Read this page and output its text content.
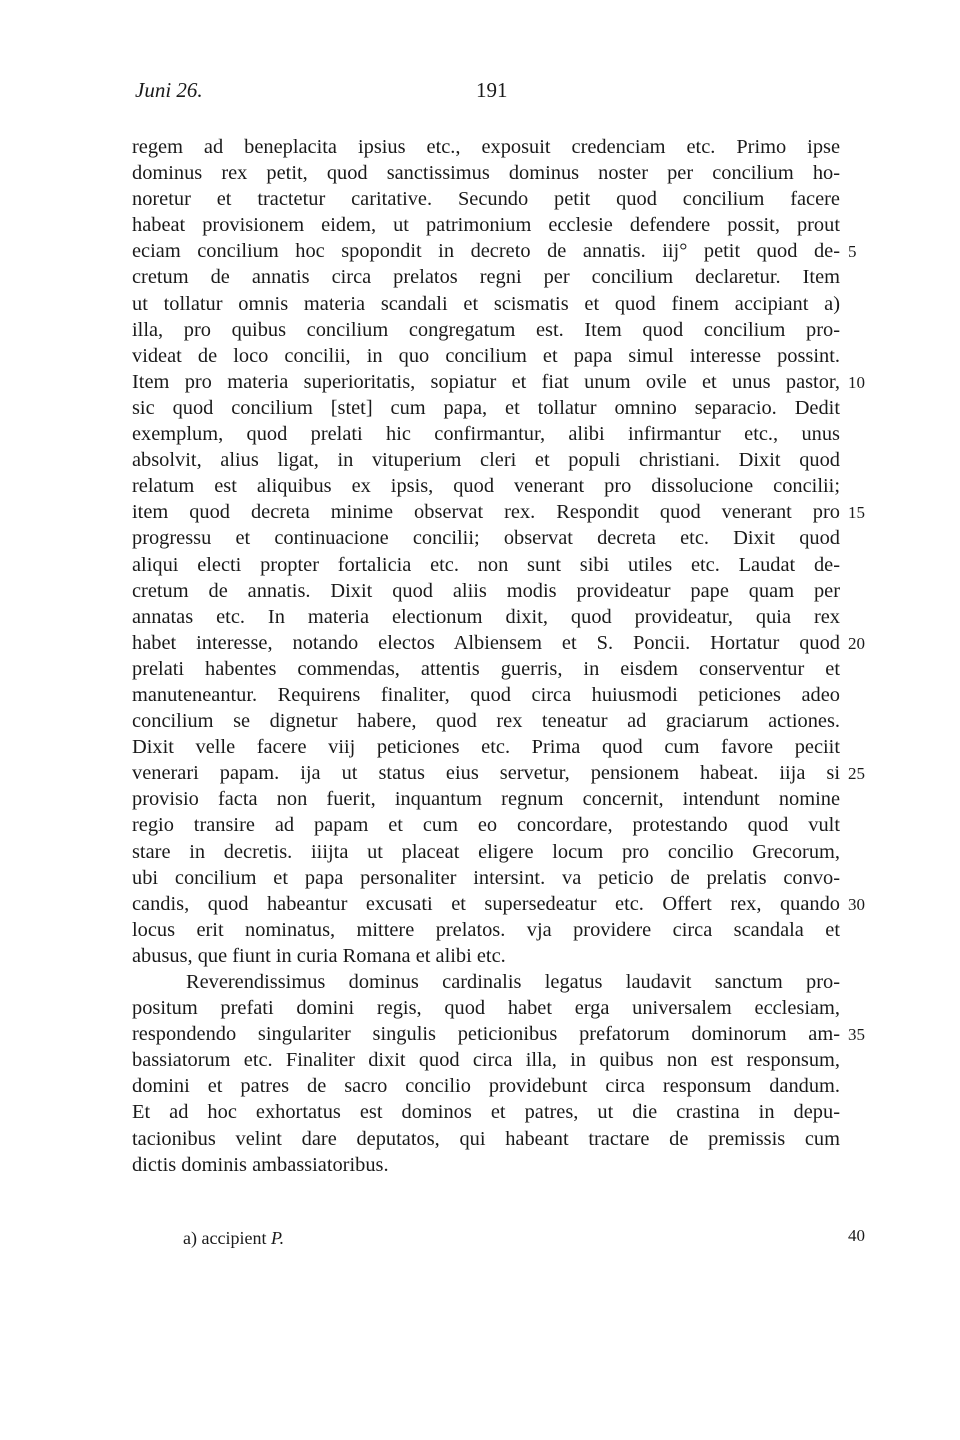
Juni 26.	191
regem ad beneplacita ipsius etc., exposuit credenciam etc. Primo ipse
dominus rex petit, quod sanctissimus dominus noster per concilium ho-
noretur et tractetur caritative. Secundo petit quod concilium facere
habeat provisionem eidem, ut patrimonium ecclesie defendere possit, prout
eciam concilium hoc spopondit in decreto de annatis. iij° petit quod de-
cretum de annatis circa prelatos regni per concilium declaretur. Item
ut tollatur omnis materia scandali et scismatis et quod finem accipiant a)
illa, pro quibus concilium congregatum est. Item quod concilium pro-
videat de loco concilii, in quo concilium et papa simul interesse possint.
Item pro materia superioritatis, sopiatur et fiat unum ovile et unus pastor,
sic quod concilium [stet] cum papa, et tollatur omnino separacio. Dedit
exemplum, quod prelati hic confirmantur, alibi infirmantur etc., unus
absolvit, alius ligat, in vituperium cleri et populi christiani. Dixit quod
relatum est aliquibus ex ipsis, quod venerant pro dissolucione concilii;
item quod decreta minime observat rex. Respondit quod venerant pro
progressu et continuacione concilii; observat decreta etc. Dixit quod
aliqui electi propter fortalicia etc. non sunt sibi utiles etc. Laudat de-
cretum de annatis. Dixit quod aliis modis provideatur pape quam per
annatas etc. In materia electionum dixit, quod provideatur, quia rex
habet interesse, notando electos Albiensem et S. Poncii. Hortatur quod
prelati habentes commendas, attentis guerris, in eisdem conserventur et
manuteneantur. Requirens finaliter, quod circa huiusmodi peticiones adeo
concilium se dignetur habere, quod rex teneatur ad graciarum actiones.
Dixit velle facere viij peticiones etc. Prima quod cum favore peciit
venerari papam. ija ut status eius servetur, pensionem habeat. iija si
provisio facta non fuerit, inquantum regnum concernit, intendunt nomine
regio transire ad papam et cum eo concordare, protestando quod vult
stare in decretis. iiijta ut placeat eligere locum pro concilio Grecorum,
ubi concilium et papa personaliter intersint. va peticio de prelatis convo-
candis, quod habeantur excusati et supersedeatur etc. Offert rex, quando
locus erit nominatus, mittere prelatos. vja providere circa scandala et
abusus, que fiunt in curia Romana et alibi etc.
Reverendissimus dominus cardinalis legatus laudavit sanctum pro-
positum prefati domini regis, quod habet erga universalem ecclesiam,
respondendo singulariter singulis peticionibus prefatorum dominorum am-
bassiatorum etc. Finaliter dixit quod circa illa, in quibus non est responsum,
domini et patres de sacro concilio providebunt circa responsum dandum.
Et ad hoc exhortatus est dominos et patres, ut die crastina in depu-
tacionibus velint dare deputatos, qui habeant tractare de premissis cum
dictis dominis ambassiatoribus.
5
10
15
20
25
30
35
a) accipient P.	40
